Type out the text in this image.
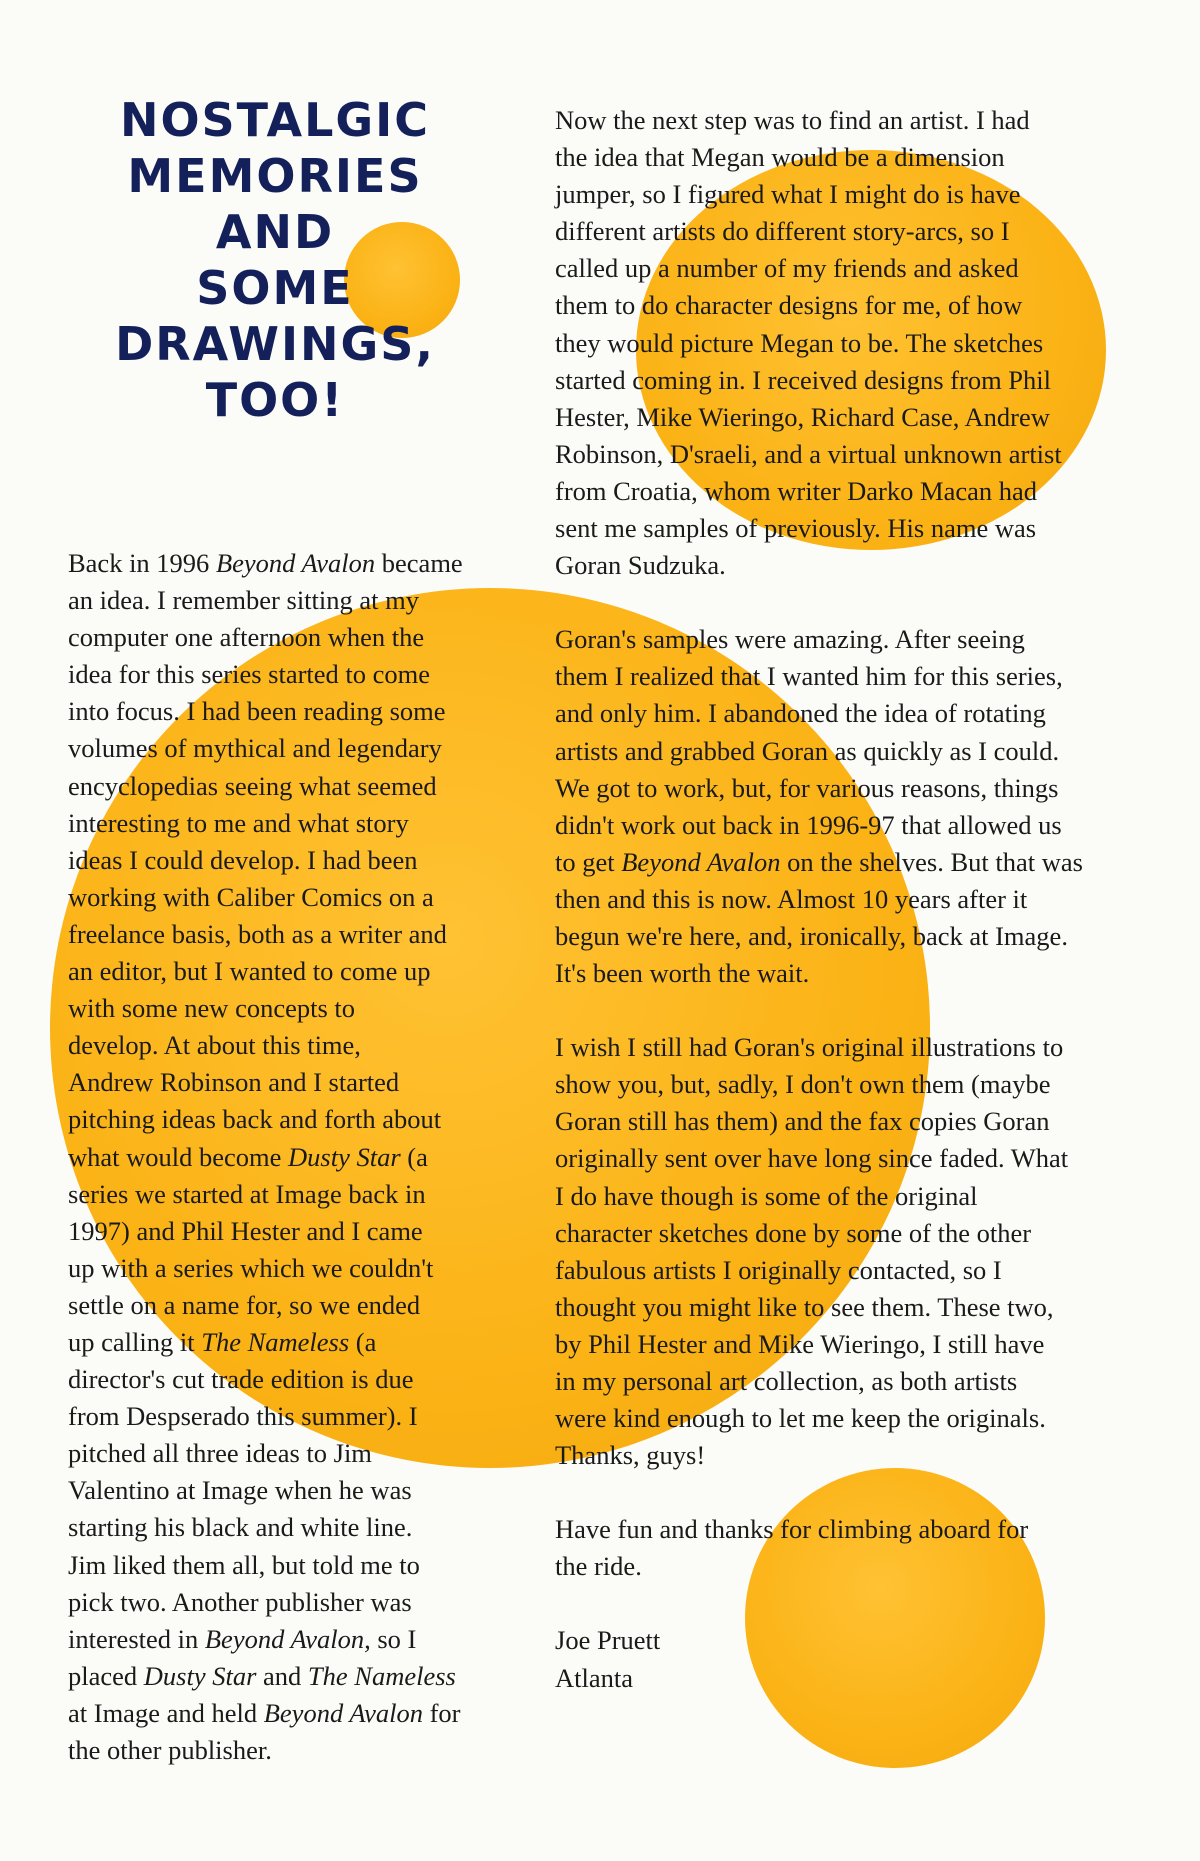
NOSTALGIC
MEMORIES
AND
SOME
DRAWINGS,
TOO!

Back in 1996 Beyond Avalon became
an idea. I remember sitting at my
computer one afternoon when the
idea for this series started to come
into focus. I had been reading some
volumes of mythical and legendary
encyclopedias seeing what seemed
interesting to me and what story
ideas I could develop. I had been
working with Caliber Comics on a
freelance basis, both as a writer and
an editor, but I wanted to come up
with some new concepts to
develop. At about this time,
Andrew Robinson and I started
pitching ideas back and forth about
what would become Dusty Star (a
series we started at Image back in
1997) and Phil Hester and I came
up with a series which we couldn't
settle on a name for, so we ended
up calling it The Nameless (a
director's cut trade edition is due
from Despserado this summer). I
pitched all three ideas to Jim
Valentino at Image when he was
starting his black and white line.
Jim liked them all, but told me to
pick two. Another publisher was
interested in Beyond Avalon, so I
placed Dusty Star and The Nameless
at Image and held Beyond Avalon for
the other publisher.

Now the next step was to find an artist. I had
the idea that Megan would be a dimension
jumper, so I figured what I might do is have
different artists do different story-arcs, so I
called up a number of my friends and asked
them to do character designs for me, of how
they would picture Megan to be. The sketches
started coming in. I received designs from Phil
Hester, Mike Wieringo, Richard Case, Andrew
Robinson, D'sraeli, and a virtual unknown artist
from Croatia, whom writer Darko Macan had
sent me samples of previously. His name was
Goran Sudzuka.

Goran's samples were amazing. After seeing
them I realized that I wanted him for this series,
and only him. I abandoned the idea of rotating
artists and grabbed Goran as quickly as I could.
We got to work, but, for various reasons, things
didn't work out back in 1996-97 that allowed us
to get Beyond Avalon on the shelves. But that was
then and this is now. Almost 10 years after it
begun we're here, and, ironically, back at Image.
It's been worth the wait.

I wish I still had Goran's original illustrations to
show you, but, sadly, I don't own them (maybe
Goran still has them) and the fax copies Goran
originally sent over have long since faded. What
I do have though is some of the original
character sketches done by some of the other
fabulous artists I originally contacted, so I
thought you might like to see them. These two,
by Phil Hester and Mike Wieringo, I still have
in my personal art collection, as both artists
were kind enough to let me keep the originals.
Thanks, guys!

Have fun and thanks for climbing aboard for
the ride.

Joe Pruett
Atlanta
